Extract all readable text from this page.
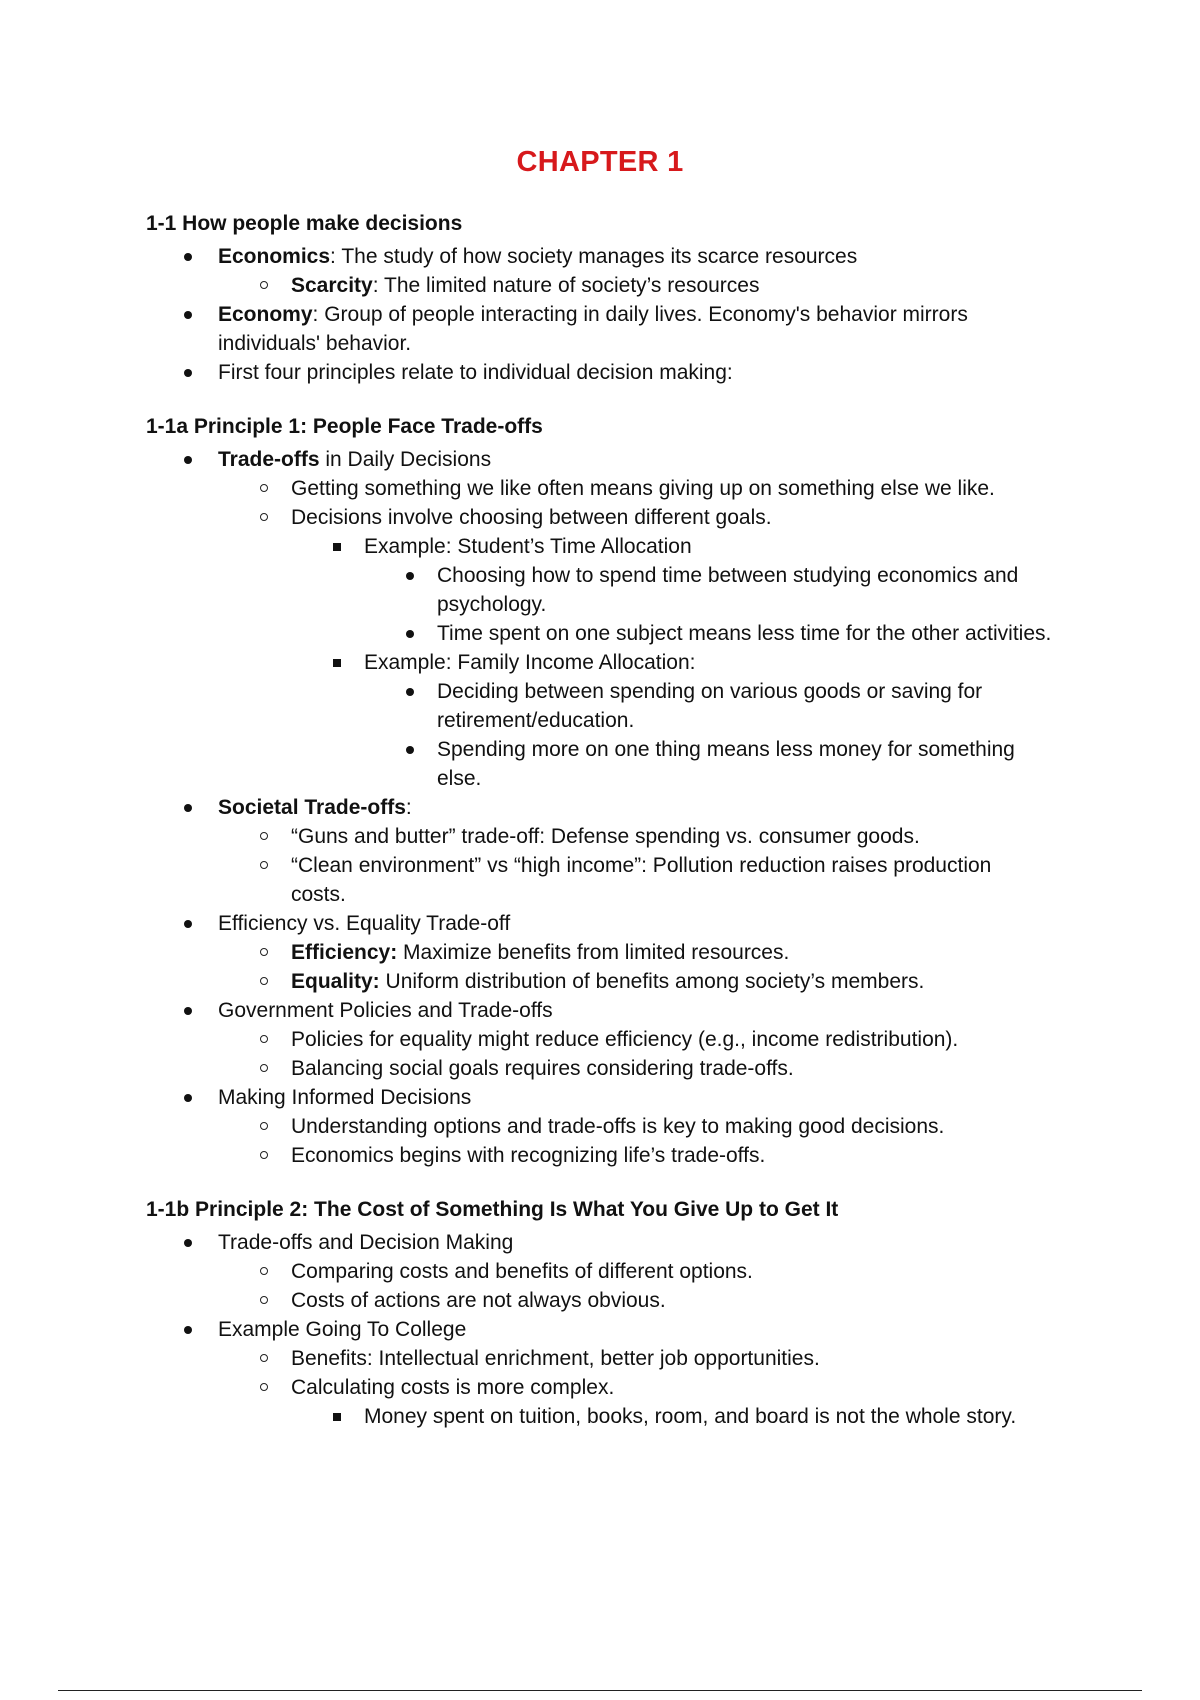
CHAPTER 1
1-1 How people make decisions
Economics: The study of how society manages its scarce resources
Scarcity: The limited nature of society’s resources
Economy: Group of people interacting in daily lives. Economy's behavior mirrors
individuals' behavior.
First four principles relate to individual decision making:
1-1a Principle 1: People Face Trade-offs
Trade-offs in Daily Decisions
Getting something we like often means giving up on something else we like.
Decisions involve choosing between different goals.
Example: Student’s Time Allocation
Choosing how to spend time between studying economics and
psychology.
Time spent on one subject means less time for the other activities.
Example: Family Income Allocation:
Deciding between spending on various goods or saving for
retirement/education.
Spending more on one thing means less money for something
else.
Societal Trade-offs:
“Guns and butter” trade-off: Defense spending vs. consumer goods.
“Clean environment” vs “high income”: Pollution reduction raises production
costs.
Efficiency vs. Equality Trade-off
Efficiency: Maximize benefits from limited resources.
Equality: Uniform distribution of benefits among society’s members.
Government Policies and Trade-offs
Policies for equality might reduce efficiency (e.g., income redistribution).
Balancing social goals requires considering trade-offs.
Making Informed Decisions
Understanding options and trade-offs is key to making good decisions.
Economics begins with recognizing life’s trade-offs.
1-1b Principle 2: The Cost of Something Is What You Give Up to Get It
Trade-offs and Decision Making
Comparing costs and benefits of different options.
Costs of actions are not always obvious.
Example Going To College
Benefits: Intellectual enrichment, better job opportunities.
Calculating costs is more complex.
Money spent on tuition, books, room, and board is not the whole story.
